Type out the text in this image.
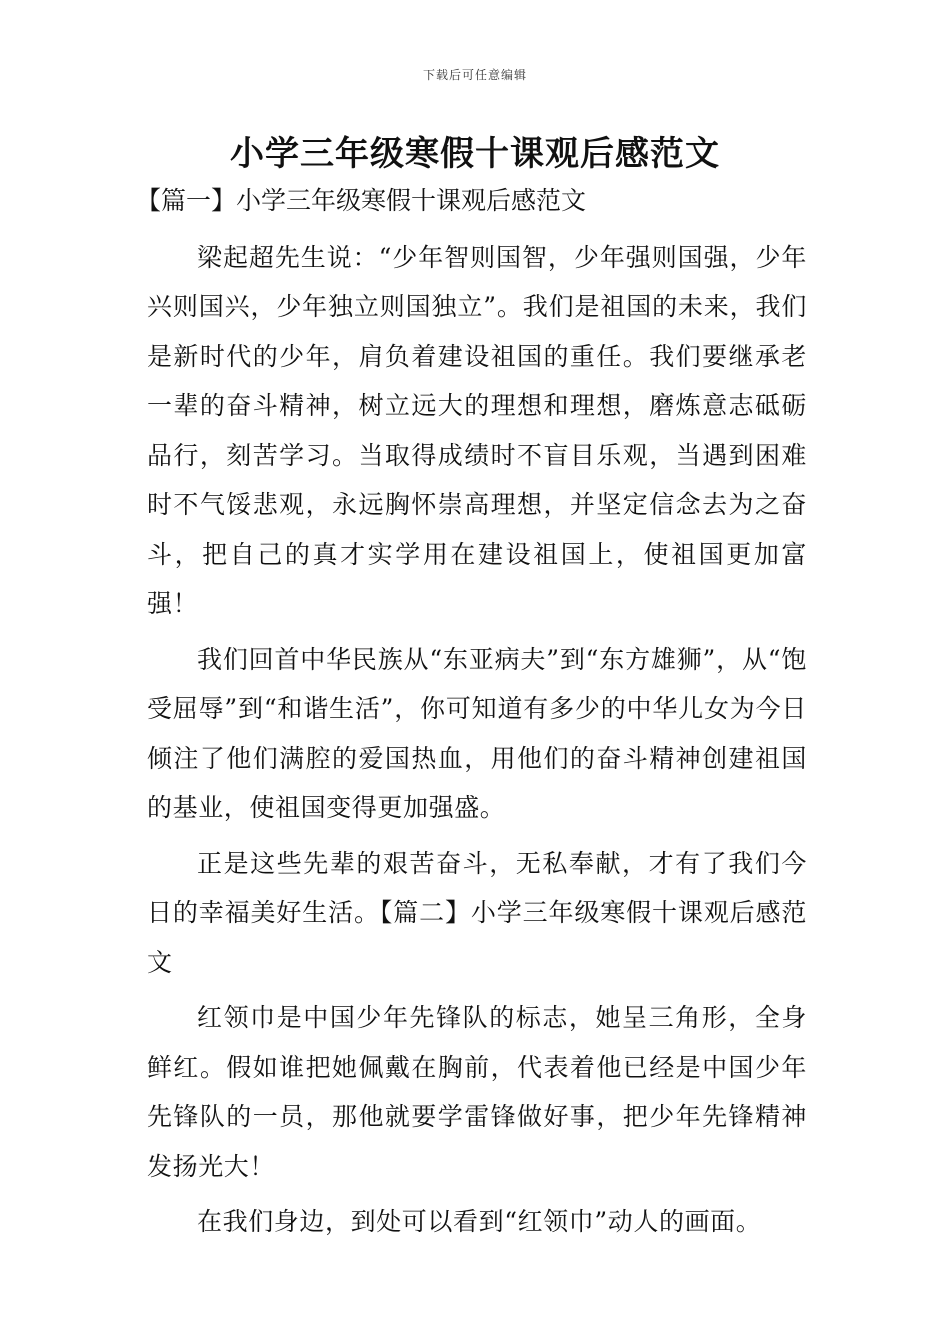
下载后可任意编辑
小学三年级寒假十课观后感范文

【篇一】小学三年级寒假十课观后感范文

梁起超先生说：“少年智则国智，少年强则国强，少年兴则国兴，少年独立则国独立”。我们是祖国的未来，我们是新时代的少年，肩负着建设祖国的重任。我们要继承老一辈的奋斗精神，树立远大的理想和理想，磨炼意志砥砺品行，刻苦学习。当取得成绩时不盲目乐观，当遇到困难时不气馁悲观，永远胸怀崇高理想，并坚定信念去为之奋斗，把自己的真才实学用在建设祖国上，使祖国更加富强！

我们回首中华民族从“东亚病夫”到“东方雄狮”，从“饱受屈辱”到“和谐生活”，你可知道有多少的中华儿女为今日倾注了他们满腔的爱国热血，用他们的奋斗精神创建祖国的基业，使祖国变得更加强盛。

正是这些先辈的艰苦奋斗，无私奉献，才有了我们今日的幸福美好生活。【篇二】小学三年级寒假十课观后感范文

红领巾是中国少年先锋队的标志，她呈三角形，全身鲜红。假如谁把她佩戴在胸前，代表着他已经是中国少年先锋队的一员，那他就要学雷锋做好事，把少年先锋精神发扬光大！

在我们身边，到处可以看到“红领巾”动人的画面。
